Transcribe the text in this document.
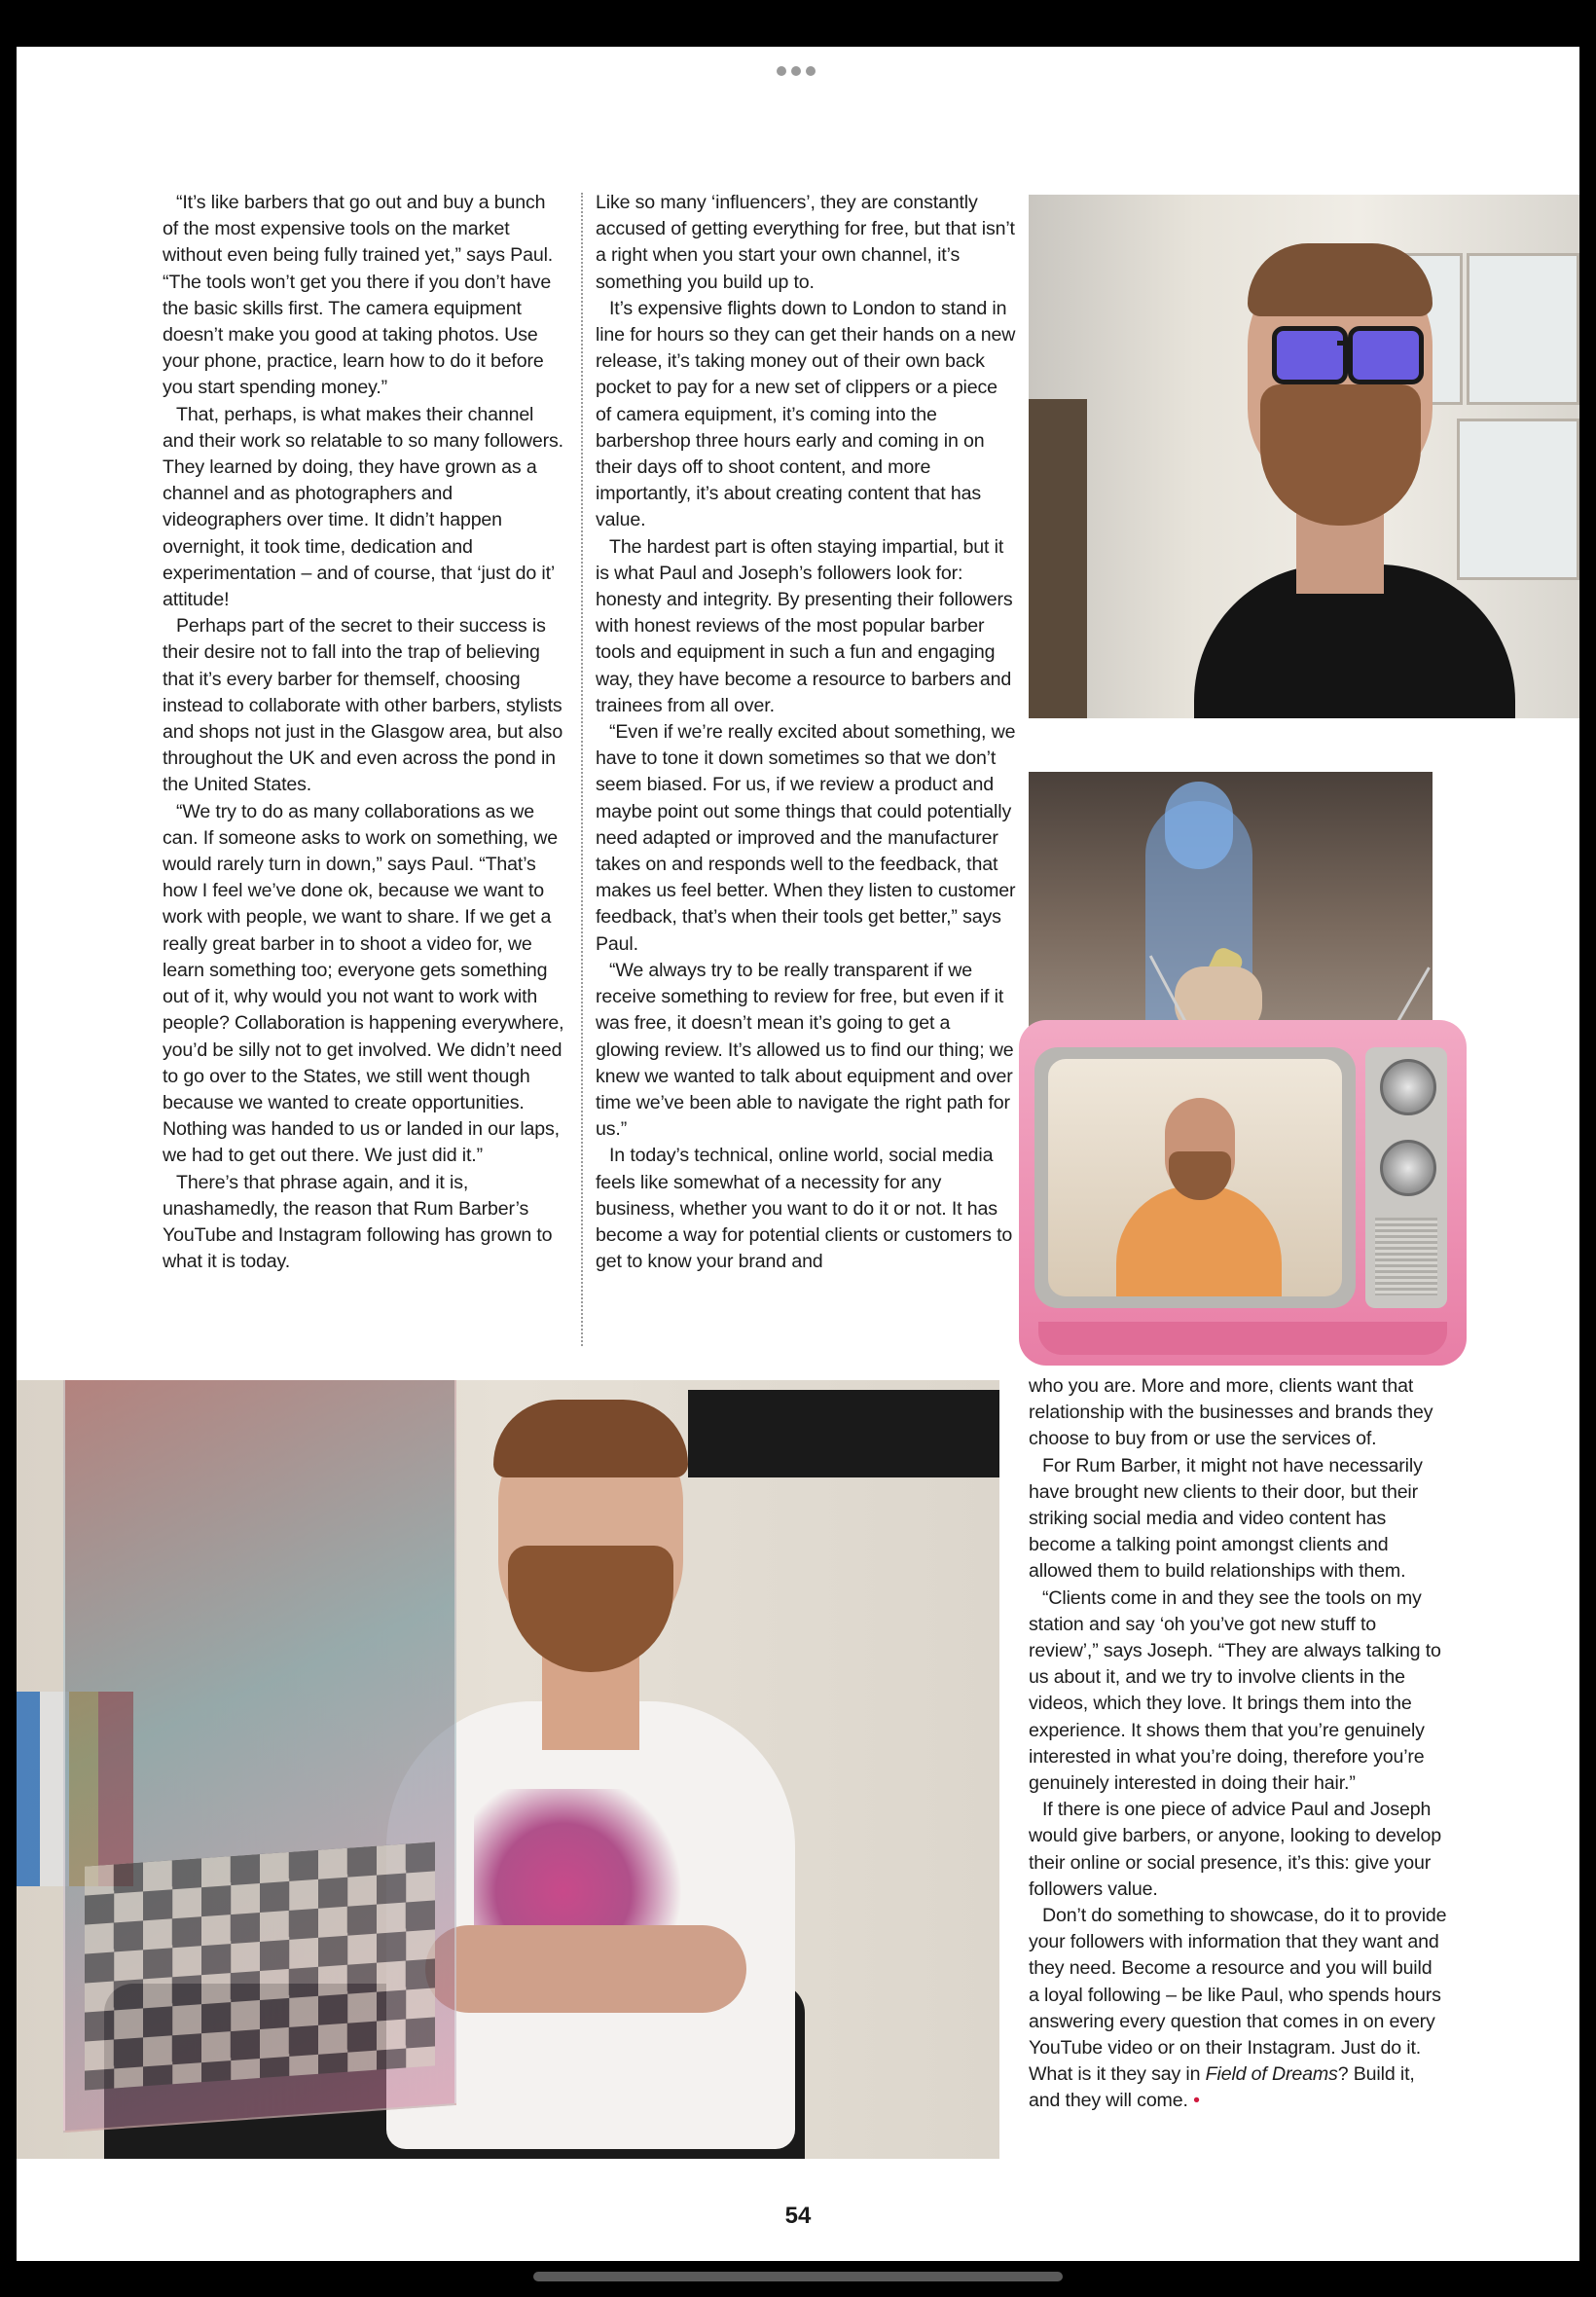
“It’s like barbers that go out and buy a bunch of the most expensive tools on the market without even being fully trained yet,” says Paul. “The tools won’t get you there if you don’t have the basic skills first. The camera equipment doesn’t make you good at taking photos. Use your phone, practice, learn how to do it before you start spending money.”

That, perhaps, is what makes their channel and their work so relatable to so many followers. They learned by doing, they have grown as a channel and as photographers and videographers over time. It didn’t happen overnight, it took time, dedication and experimentation – and of course, that ‘just do it’ attitude!

Perhaps part of the secret to their success is their desire not to fall into the trap of believing that it’s every barber for themself, choosing instead to collaborate with other barbers, stylists and shops not just in the Glasgow area, but also throughout the UK and even across the pond in the United States.

“We try to do as many collaborations as we can. If someone asks to work on something, we would rarely turn in down,” says Paul. “That’s how I feel we’ve done ok, because we want to work with people, we want to share. If we get a really great barber in to shoot a video for, we learn something too; everyone gets something out of it, why would you not want to work with people? Collaboration is happening everywhere, you’d be silly not to get involved. We didn’t need to go over to the States, we still went though because we wanted to create opportunities. Nothing was handed to us or landed in our laps, we had to get out there. We just did it.”

There’s that phrase again, and it is, unashamedly, the reason that Rum Barber’s YouTube and Instagram following has grown to what it is today.

Like so many ‘influencers’, they are constantly accused of getting everything for free, but that isn’t a right when you start your own channel, it’s something you build up to.

It’s expensive flights down to London to stand in line for hours so they can get their hands on a new release, it’s taking money out of their own back pocket to pay for a new set of clippers or a piece of camera equipment, it’s coming into the barbershop three hours early and coming in on their days off to shoot content, and more importantly, it’s about creating content that has value.

The hardest part is often staying impartial, but it is what Paul and Joseph’s followers look for: honesty and integrity. By presenting their followers with honest reviews of the most popular barber tools and equipment in such a fun and engaging way, they have become a resource to barbers and trainees from all over.

“Even if we’re really excited about something, we have to tone it down sometimes so that we don’t seem biased. For us, if we review a product and maybe point out some things that could potentially need adapted or improved and the manufacturer takes on and responds well to the feedback, that makes us feel better. When they listen to customer feedback, that’s when their tools get better,” says Paul.

“We always try to be really transparent if we receive something to review for free, but even if it was free, it doesn’t mean it’s going to get a glowing review. It’s allowed us to find our thing; we knew we wanted to talk about equipment and over time we’ve been able to navigate the right path for us.”

In today’s technical, online world, social media feels like somewhat of a necessity for any business, whether you want to do it or not. It has become a way for potential clients or customers to get to know your brand and

who you are. More and more, clients want that relationship with the businesses and brands they choose to buy from or use the services of.

For Rum Barber, it might not have necessarily have brought new clients to their door, but their striking social media and video content has become a talking point amongst clients and allowed them to build relationships with them.

“Clients come in and they see the tools on my station and say ‘oh you’ve got new stuff to review’,” says Joseph. “They are always talking to us about it, and we try to involve clients in the videos, which they love. It brings them into the experience. It shows them that you’re genuinely interested in what you’re doing, therefore you’re genuinely interested in doing their hair.”

If there is one piece of advice Paul and Joseph would give barbers, or anyone, looking to develop their online or social presence, it’s this: give your followers value.

Don’t do something to showcase, do it to provide your followers with information that they want and they need. Become a resource and you will build a loyal following – be like Paul, who spends hours answering every question that comes in on every YouTube video or on their Instagram. Just do it. What is it they say in Field of Dreams? Build it, and they will come. •

54
